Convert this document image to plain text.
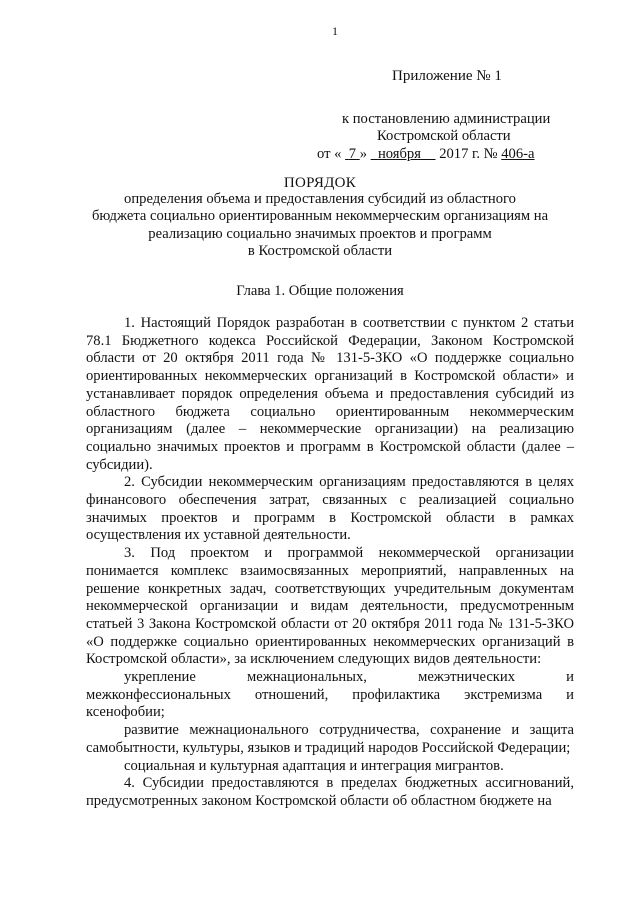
1
Приложение № 1
к постановлению администрации
Костромской области
от « 7 » ноября 2017 г. № 406-а
ПОРЯДОК
определения объема и предоставления субсидий из областного
бюджета социально ориентированным некоммерческим организациям на
реализацию социально значимых проектов и программ
в Костромской области
Глава 1. Общие положения

1. Настоящий Порядок разработан в соответствии с пунктом 2 статьи 78.1 Бюджетного кодекса Российской Федерации, Законом Костромской области от 20 октября 2011 года № 131-5-ЗКО «О поддержке социально ориентированных некоммерческих организаций в Костромской области» и устанавливает порядок определения объема и предоставления субсидий из областного бюджета социально ориентированным некоммерческим организациям (далее – некоммерческие организации) на реализацию социально значимых проектов и программ в Костромской области (далее – субсидии).

2. Субсидии некоммерческим организациям предоставляются в целях финансового обеспечения затрат, связанных с реализацией социально значимых проектов и программ в Костромской области в рамках осуществления их уставной деятельности.

3. Под проектом и программой некоммерческой организации понимается комплекс взаимосвязанных мероприятий, направленных на решение конкретных задач, соответствующих учредительным документам некоммерческой организации и видам деятельности, предусмотренным статьей 3 Закона Костромской области от 20 октября 2011 года № 131-5-ЗКО «О поддержке социально ориентированных некоммерческих организаций в Костромской области», за исключением следующих видов деятельности:

укрепление межнациональных, межэтнических и межконфессиональных отношений, профилактика экстремизма и ксенофобии;

развитие межнационального сотрудничества, сохранение и защита самобытности, культуры, языков и традиций народов Российской Федерации;

социальная и культурная адаптация и интеграция мигрантов.

4. Субсидии предоставляются в пределах бюджетных ассигнований, предусмотренных законом Костромской области об областном бюджете на
